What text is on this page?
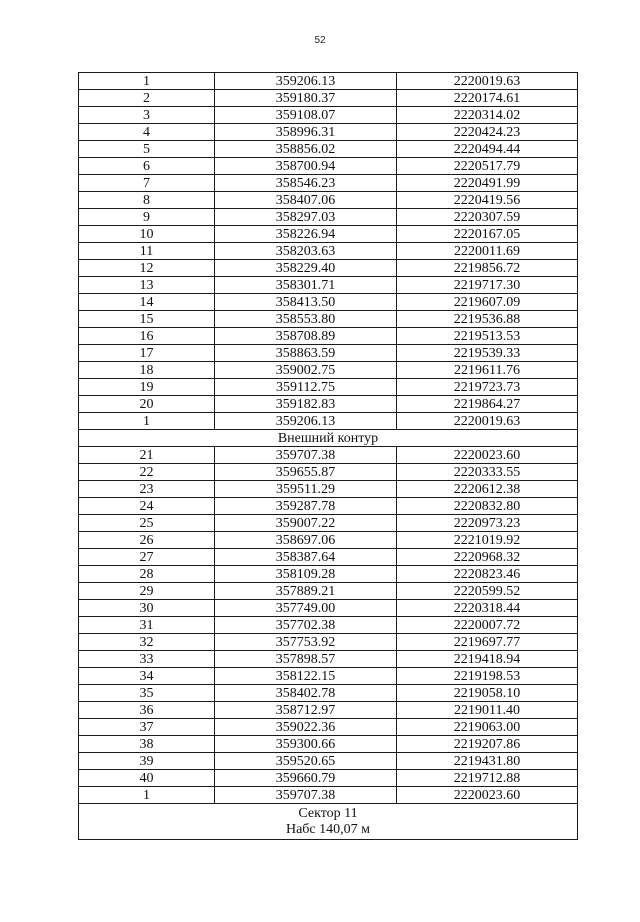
52
1	359206.13	2220019.63
2	359180.37	2220174.61
3	359108.07	2220314.02
4	358996.31	2220424.23
5	358856.02	2220494.44
6	358700.94	2220517.79
7	358546.23	2220491.99
8	358407.06	2220419.56
9	358297.03	2220307.59
10	358226.94	2220167.05
11	358203.63	2220011.69
12	358229.40	2219856.72
13	358301.71	2219717.30
14	358413.50	2219607.09
15	358553.80	2219536.88
16	358708.89	2219513.53
17	358863.59	2219539.33
18	359002.75	2219611.76
19	359112.75	2219723.73
20	359182.83	2219864.27
1	359206.13	2220019.63
Внешний контур		
21	359707.38	2220023.60
22	359655.87	2220333.55
23	359511.29	2220612.38
24	359287.78	2220832.80
25	359007.22	2220973.23
26	358697.06	2221019.92
27	358387.64	2220968.32
28	358109.28	2220823.46
29	357889.21	2220599.52
30	357749.00	2220318.44
31	357702.38	2220007.72
32	357753.92	2219697.77
33	357898.57	2219418.94
34	358122.15	2219198.53
35	358402.78	2219058.10
36	358712.97	2219011.40
37	359022.36	2219063.00
38	359300.66	2219207.86
39	359520.65	2219431.80
40	359660.79	2219712.88
1	359707.38	2220023.60

Сектор 11
Набс 140,07 м		
